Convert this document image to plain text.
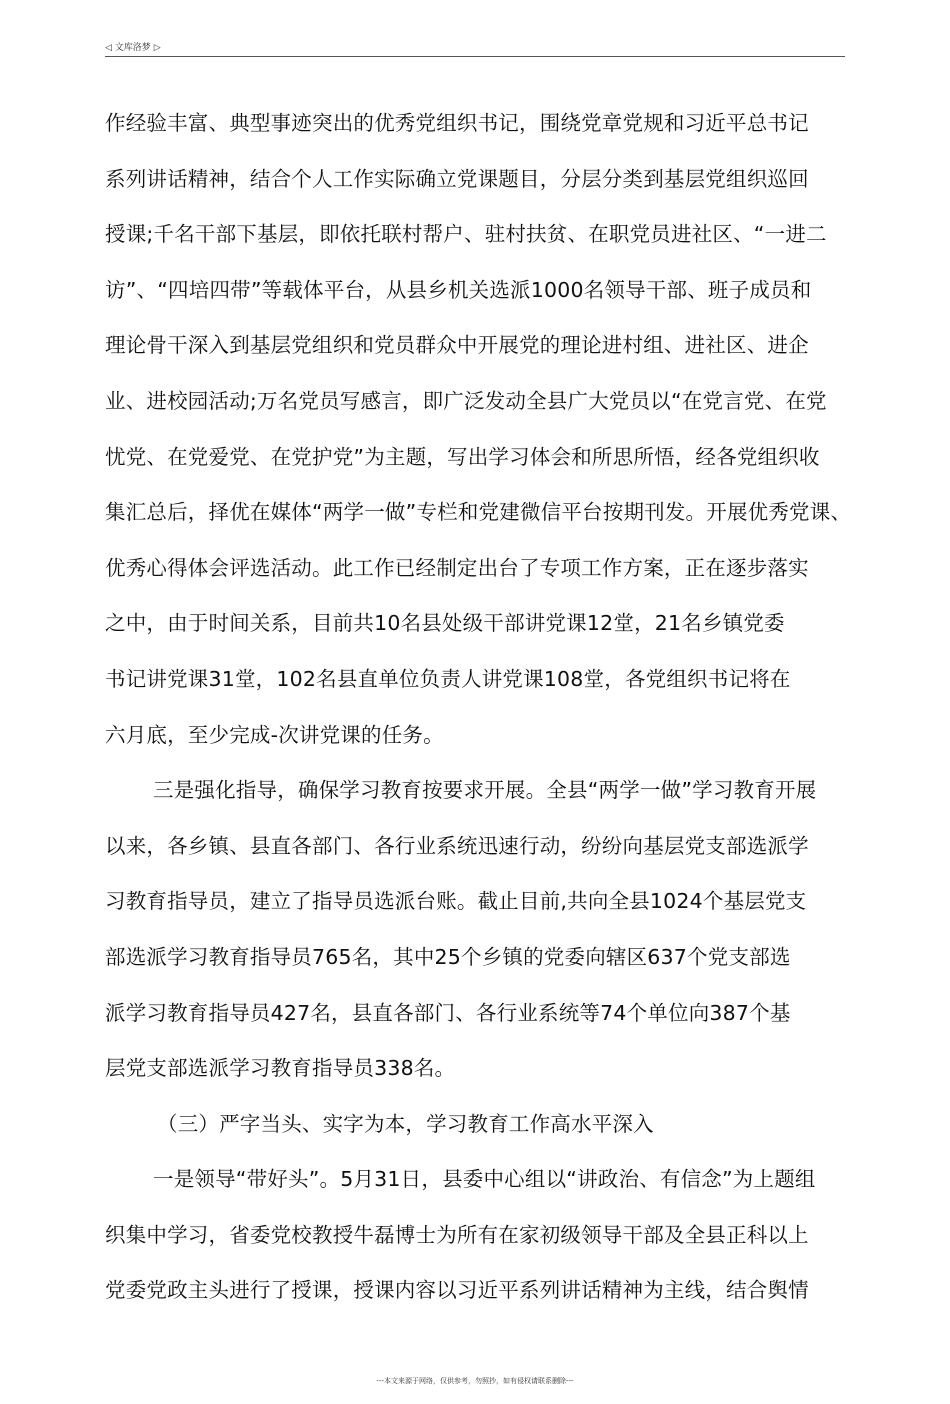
◁ 文库洛梦 ▷
作经验丰富、典型事迹突出的优秀党组织书记，围绕党章党规和习近平总书记
系列讲话精神，结合个人工作实际确立党课题目，分层分类到基层党组织巡回
授课;千名干部下基层，即依托联村帮户、驻村扶贫、在职党员进社区、“一进二
访”、“四培四带”等载体平台，从县乡机关选派1000名领导干部、班子成员和
理论骨干深入到基层党组织和党员群众中开展党的理论进村组、进社区、进企
业、进校园活动;万名党员写感言，即广泛发动全县广大党员以“在党言党、在党
忧党、在党爱党、在党护党”为主题，写出学习体会和所思所悟，经各党组织收
集汇总后，择优在媒体“两学一做”专栏和党建微信平台按期刊发。开展优秀党课、
优秀心得体会评选活动。此工作已经制定出台了专项工作方案，正在逐步落实
之中，由于时间关系，目前共10名县处级干部讲党课12堂，21名乡镇党委
书记讲党课31堂，102名县直单位负责人讲党课108堂，各党组织书记将在
六月底，至少完成-次讲党课的任务。
三是强化指导，确保学习教育按要求开展。全县“两学一做”学习教育开展
以来，各乡镇、县直各部门、各行业系统迅速行动，纷纷向基层党支部选派学
习教育指导员，建立了指导员选派台账。截止目前,共向全县1024个基层党支
部选派学习教育指导员765名，其中25个乡镇的党委向辖区637个党支部选
派学习教育指导员427名，县直各部门、各行业系统等74个单位向387个基
层党支部选派学习教育指导员338名。
（三）严字当头、实字为本，学习教育工作高水平深入
一是领导“带好头”。5月31日，县委中心组以“讲政治、有信念”为上题组
织集中学习，省委党校教授牛磊博士为所有在家初级领导干部及全县正科以上
党委党政主头进行了授课，授课内容以习近平系列讲话精神为主线，结合舆情
---本文来源于网络，仅供参考，勿照抄，如有侵权请联系删除---
